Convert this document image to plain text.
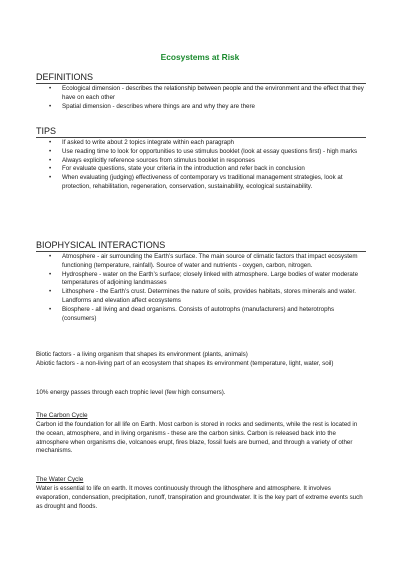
Ecosystems at Risk
DEFINITIONS
• Ecological dimension - describes the relationship between people and the environment and the effect that they have on each other
• Spatial dimension - describes where things are and why they are there
TIPS
• If asked to write about 2 topics integrate within each paragraph
• Use reading time to look for opportunities to use stimulus booklet (look at essay questions first) - high marks
• Always explicitly reference sources from stimulus booklet in responses
• For evaluate questions, state your criteria in the introduction and refer back in conclusion
• When evaluating (judging) effectiveness of contemporary vs traditional management strategies, look at protection, rehabilitation, regeneration, conservation, sustainability, ecological sustainability.
BIOPHYSICAL INTERACTIONS
• Atmosphere - air surrounding the Earth’s surface. The main source of climatic factors that impact ecosystem functioning (temperature, rainfall). Source of water and nutrients - oxygen, carbon, nitrogen.
• Hydrosphere - water on the Earth’s surface; closely linked with atmosphere. Large bodies of water moderate temperatures of adjoining landmasses
• Lithosphere - the Earth’s crust. Determines the nature of soils, provides habitats, stores minerals and water. Landforms and elevation affect ecosystems
• Biosphere - all living and dead organisms. Consists of autotrophs (manufacturers) and heterotrophs (consumers)

Biotic factors - a living organism that shapes its environment (plants, animals)

Abiotic factors - a non-living part of an ecosystem that shapes its environment (temperature, light, water, soil)

10% energy passes through each trophic level (few high consumers).

The Carbon Cycle

Carbon id the foundation for all life on Earth. Most carbon is stored in rocks and sediments, while the rest is located in the ocean, atmosphere, and in living organisms - these are the carbon sinks. Carbon is released back into the atmosphere when organisms die, volcanoes erupt, fires blaze, fossil fuels are burned, and through a variety of other mechanisms.

The Water Cycle

Water is essential to life on earth. It moves continuously through the lithosphere and atmosphere. It involves evaporation, condensation, precipitation, runoff, transpiration and groundwater. It is the key part of extreme events such as drought and floods.
